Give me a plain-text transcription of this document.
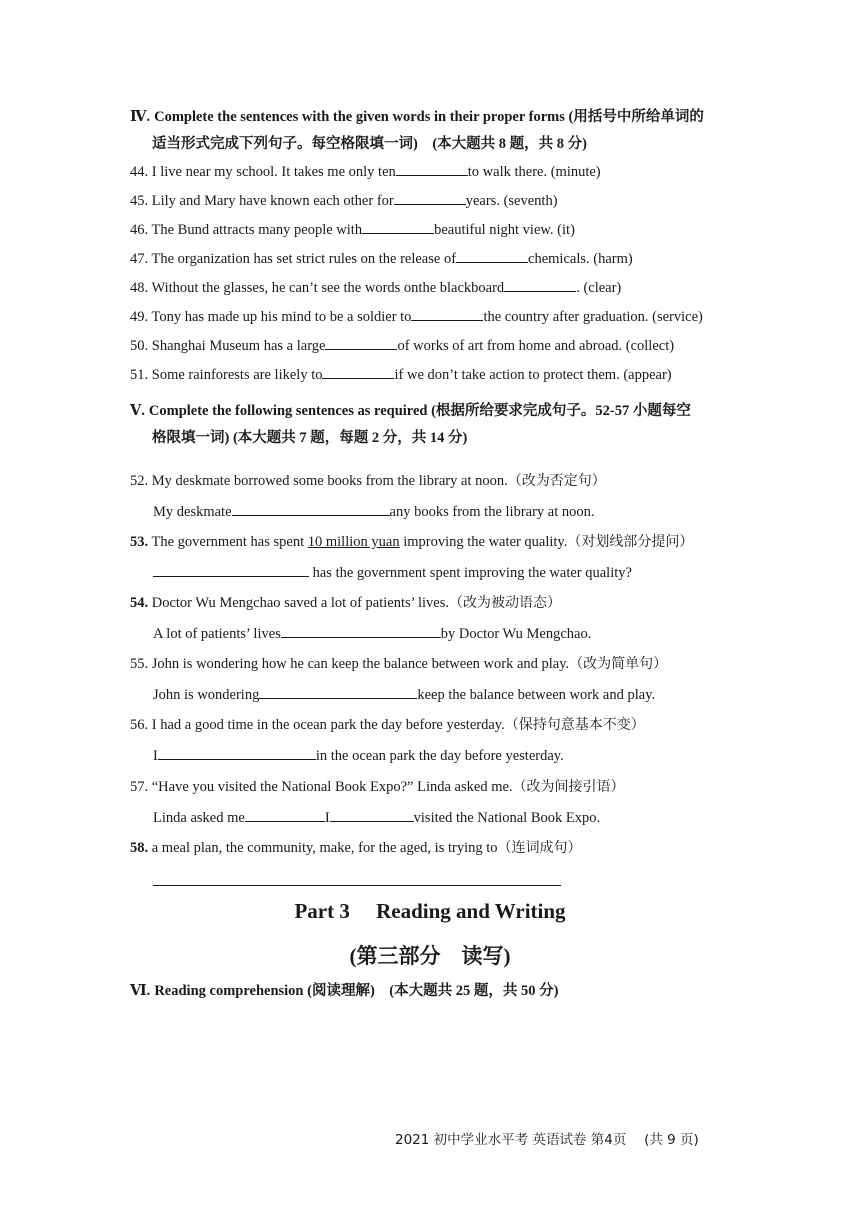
Ⅳ. Complete the sentences with the given words in their proper forms (用括号中所给单词的
适当形式完成下列句子。每空格限填一词)　(本大题共 8 题，共 8 分)

44. I live near my school. It takes me only ten	to walk there. (minute)

45. Lily and Mary have known each other for	years. (seventh)

46. The Bund attracts many people with	beautiful night view. (it)

47. The organization has set strict rules on the release of	chemicals. (harm)

48. Without the glasses, he can’t see the words onthe blackboard	. (clear)

49. Tony has made up his mind to be a soldier to	the country after graduation. (service)

50. Shanghai Museum has a large	of works of art from home and abroad. (collect)

51. Some rainforests are likely to	if we don’t take action to protect them. (appear)

Ⅴ. Complete the following sentences as required (根据所给要求完成句子。52-57 小题每空
格限填一词) (本大题共 7 题，每题 2 分，共 14 分)

52. My deskmate borrowed some books from the library at noon.（改为否定句）

My deskmate	any books from the library at noon.

53. The government has spent 10 million yuan improving the water quality.（对划线部分提问）

has the government spent improving the water quality?

54. Doctor Wu Mengchao saved a lot of patients’ lives.（改为被动语态）

A lot of patients’ lives	by Doctor Wu Mengchao.

55. John is wondering how he can keep the balance between work and play.（改为简单句）

John is wondering	keep the balance between work and play.

56. I had a good time in the ocean park the day before yesterday.（保持句意基本不变）

I	in the ocean park the day before yesterday.

57. “Have you visited the National Book Expo?” Linda asked me.（改为间接引语）

Linda asked me	I	visited the National Book Expo.

58. a meal plan, the community, make, for the aged, is trying to（连词成句）

Part 3　 Reading and Writing

(第三部分　读写)

Ⅵ. Reading comprehension (阅读理解)　(本大题共 25 题，共 50 分)

2021 初中学业水平考 英语试卷 第4页　 (共 9 页)
